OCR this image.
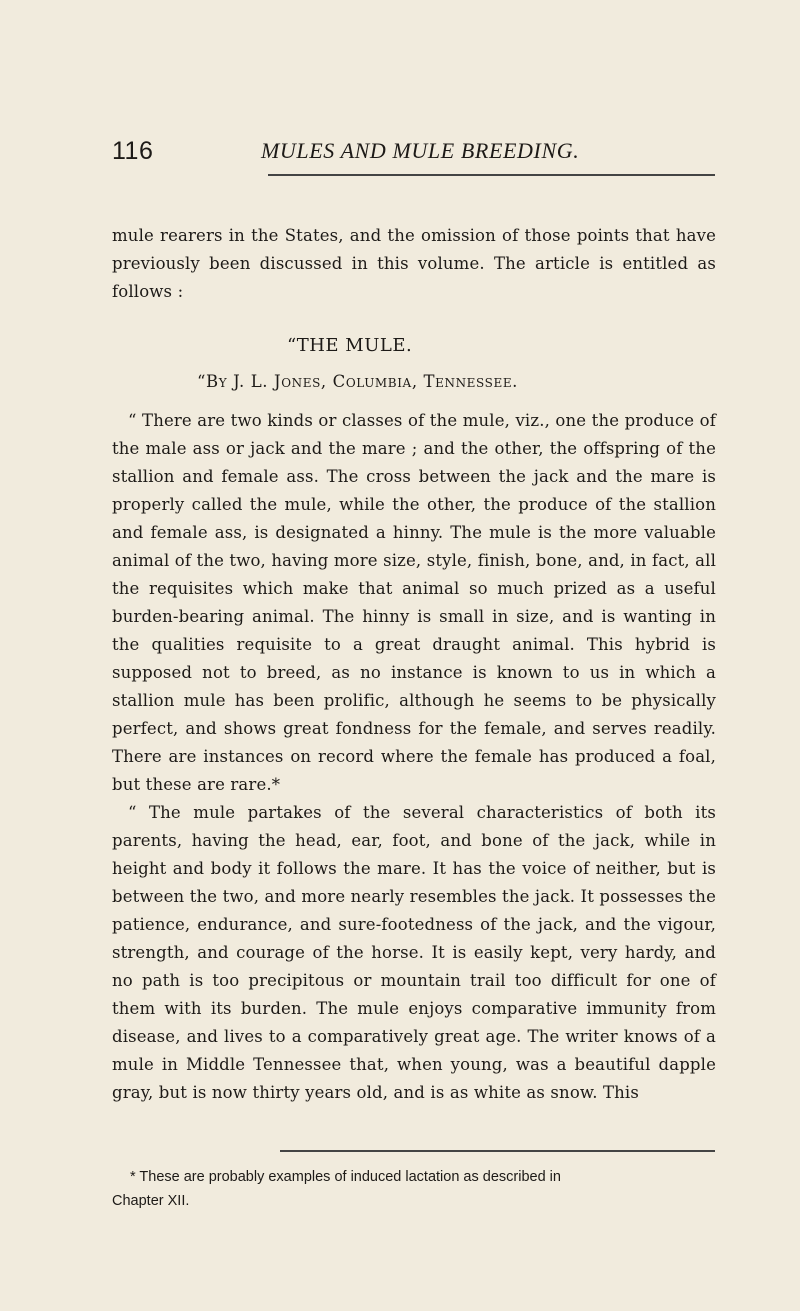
116	MULES AND MULE BREEDING.

mule rearers in the States, and the omission of those points that have previously been discussed in this volume. The article is entitled as follows :

“THE MULE.

“By J. L. Jones, Columbia, Tennessee.

“ There are two kinds or classes of the mule, viz., one the produce of the male ass or jack and the mare ; and the other, the offspring of the stallion and female ass. The cross between the jack and the mare is properly called the mule, while the other, the produce of the stallion and female ass, is designated a hinny. The mule is the more valuable animal of the two, having more size, style, finish, bone, and, in fact, all the requisites which make that animal so much prized as a useful burden-bearing animal. The hinny is small in size, and is wanting in the qualities requisite to a great draught animal. This hybrid is supposed not to breed, as no instance is known to us in which a stallion mule has been prolific, although he seems to be physically perfect, and shows great fondness for the female, and serves readily. There are instances on record where the female has produced a foal, but these are rare.*

“ The mule partakes of the several characteristics of both its parents, having the head, ear, foot, and bone of the jack, while in height and body it follows the mare. It has the voice of neither, but is between the two, and more nearly resembles the jack. It possesses the patience, endurance, and sure-footedness of the jack, and the vigour, strength, and courage of the horse. It is easily kept, very hardy, and no path is too precipitous or mountain trail too difficult for one of them with its burden. The mule enjoys comparative immunity from disease, and lives to a comparatively great age. The writer knows of a mule in Middle Tennessee that, when young, was a beautiful dapple gray, but is now thirty years old, and is as white as snow. This

* These are probably examples of induced lactation as described in
Chapter XII.
